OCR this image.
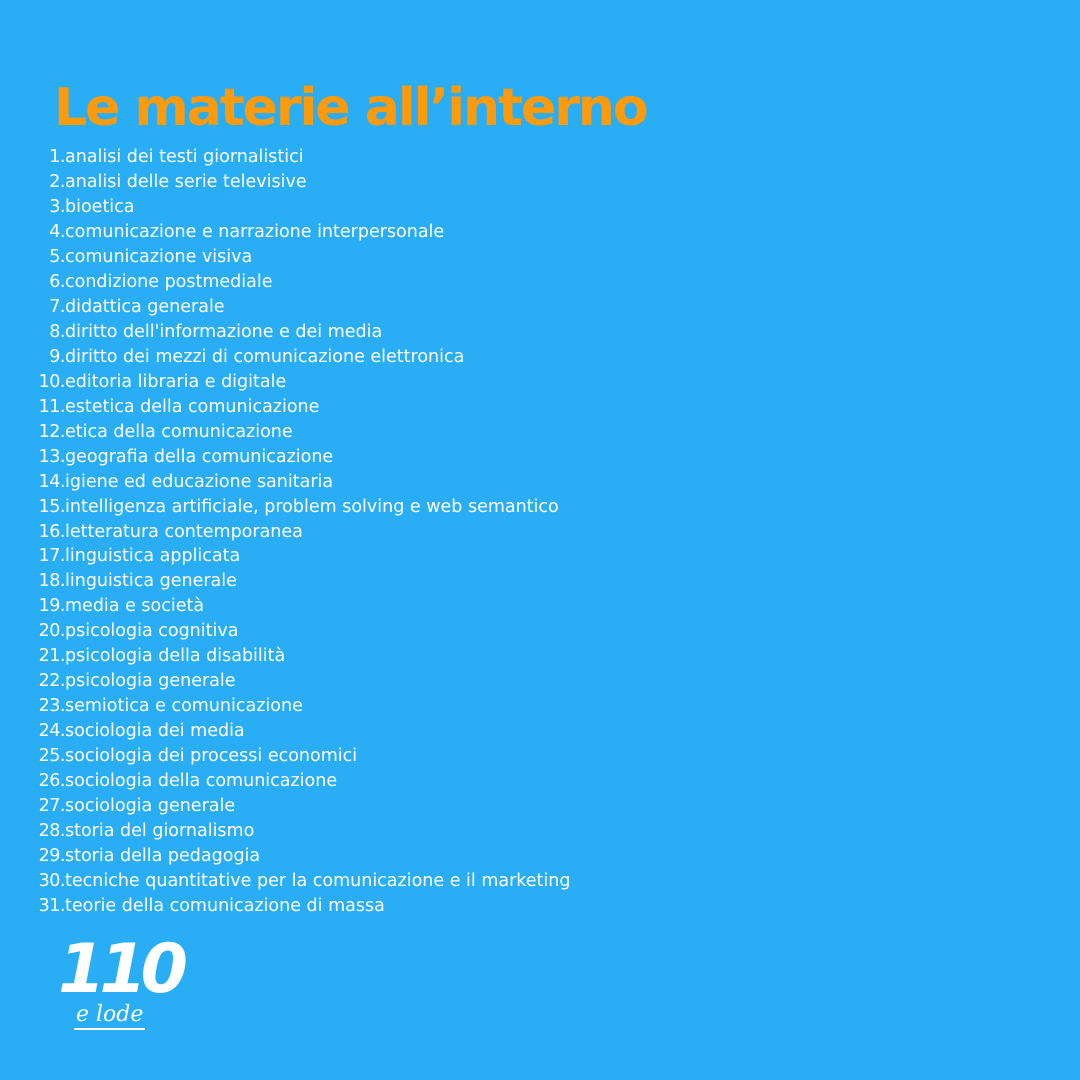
Le materie all’interno
1. analisi dei testi giornalistici
2. analisi delle serie televisive
3. bioetica
4. comunicazione e narrazione interpersonale
5. comunicazione visiva
6. condizione postmediale
7. didattica generale
8. diritto dell'informazione e dei media
9. diritto dei mezzi di comunicazione elettronica
10. editoria libraria e digitale
11. estetica della comunicazione
12. etica della comunicazione
13. geografia della comunicazione
14. igiene ed educazione sanitaria
15. intelligenza artificiale, problem solving e web semantico
16. letteratura contemporanea
17. linguistica applicata
18. linguistica generale
19. media e società
20. psicologia cognitiva
21. psicologia della disabilità
22. psicologia generale
23. semiotica e comunicazione
24. sociologia dei media
25. sociologia dei processi economici
26. sociologia della comunicazione
27. sociologia generale
28. storia del giornalismo
29. storia della pedagogia
30. tecniche quantitative per la comunicazione e il marketing
31. teorie della comunicazione di massa
110
e lode
